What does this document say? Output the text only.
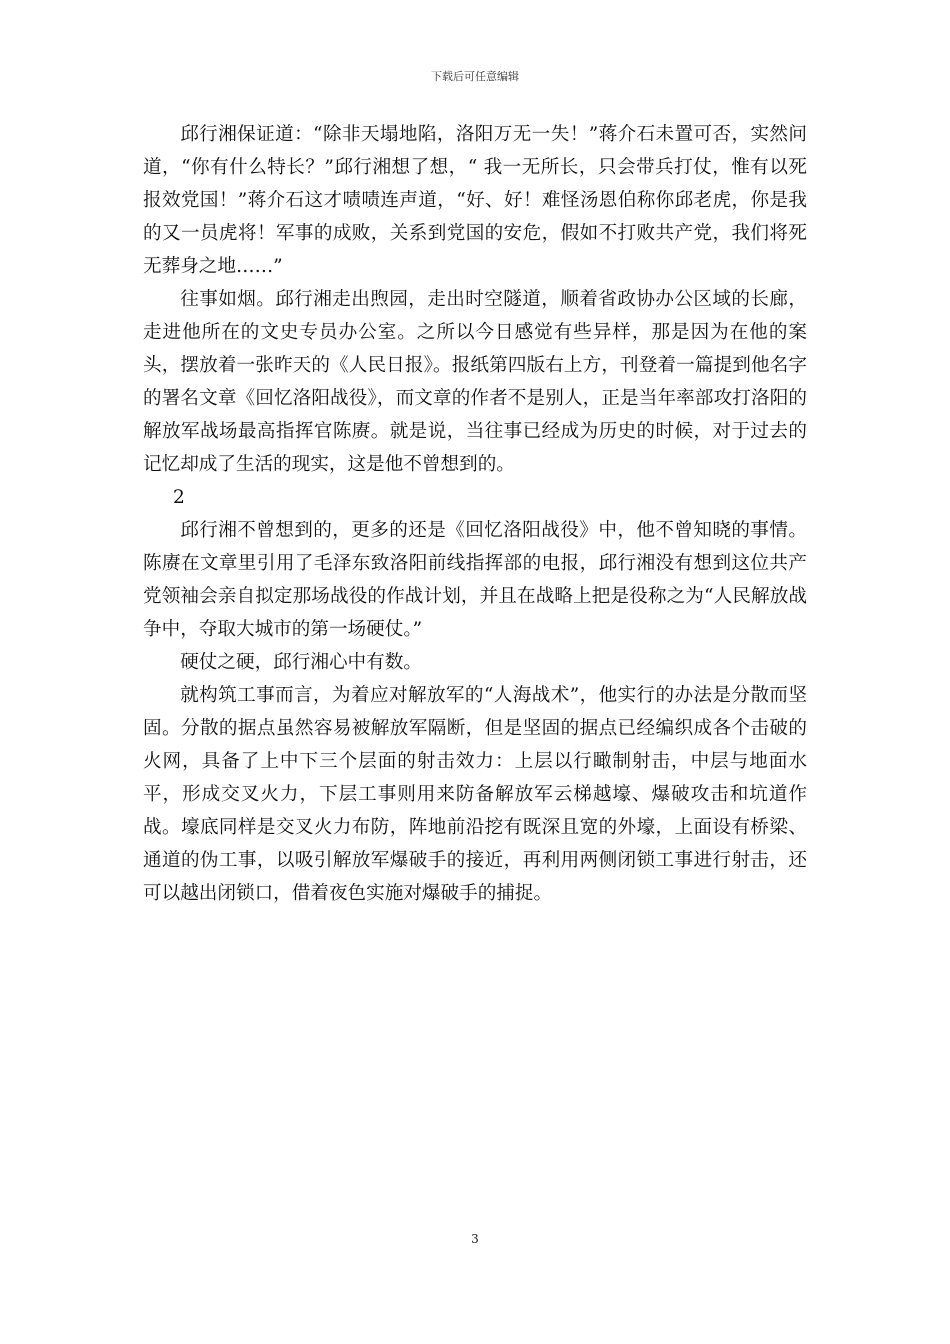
下载后可任意编辑

邱行湘保证道：“除非天塌地陷，洛阳万无一失！”蒋介石未置可否，实然问道，“你有什么特长？”邱行湘想了想，“ 我一无所长，只会带兵打仗，惟有以死报效党国！”蒋介石这才啧啧连声道，“好、好！难怪汤恩伯称你邱老虎，你是我的又一员虎将！军事的成败，关系到党国的安危，假如不打败共产党，我们将死无葬身之地……”

往事如烟。邱行湘走出煦园，走出时空隧道，顺着省政协办公区域的长廊，走进他所在的文史专员办公室。之所以今日感觉有些异样，那是因为在他的案头，摆放着一张昨天的《人民日报》。报纸第四版右上方，刊登着一篇提到他名字的署名文章《回忆洛阳战役》，而文章的作者不是别人，正是当年率部攻打洛阳的解放军战场最高指挥官陈赓。就是说，当往事已经成为历史的时候，对于过去的记忆却成了生活的现实，这是他不曾想到的。

2

邱行湘不曾想到的，更多的还是《回忆洛阳战役》中，他不曾知晓的事情。陈赓在文章里引用了毛泽东致洛阳前线指挥部的电报，邱行湘没有想到这位共产党领袖会亲自拟定那场战役的作战计划，并且在战略上把是役称之为“人民解放战争中，夺取大城市的第一场硬仗。”

硬仗之硬，邱行湘心中有数。

就构筑工事而言，为着应对解放军的“人海战术”，他实行的办法是分散而坚固。分散的据点虽然容易被解放军隔断，但是坚固的据点已经编织成各个击破的火网，具备了上中下三个层面的射击效力：上层以行瞰制射击，中层与地面水平，形成交叉火力，下层工事则用来防备解放军云梯越壕、爆破攻击和坑道作战。壕底同样是交叉火力布防，阵地前沿挖有既深且宽的外壕，上面设有桥梁、通道的伪工事，以吸引解放军爆破手的接近，再利用两侧闭锁工事进行射击，还可以越出闭锁口，借着夜色实施对爆破手的捕捉。

3
